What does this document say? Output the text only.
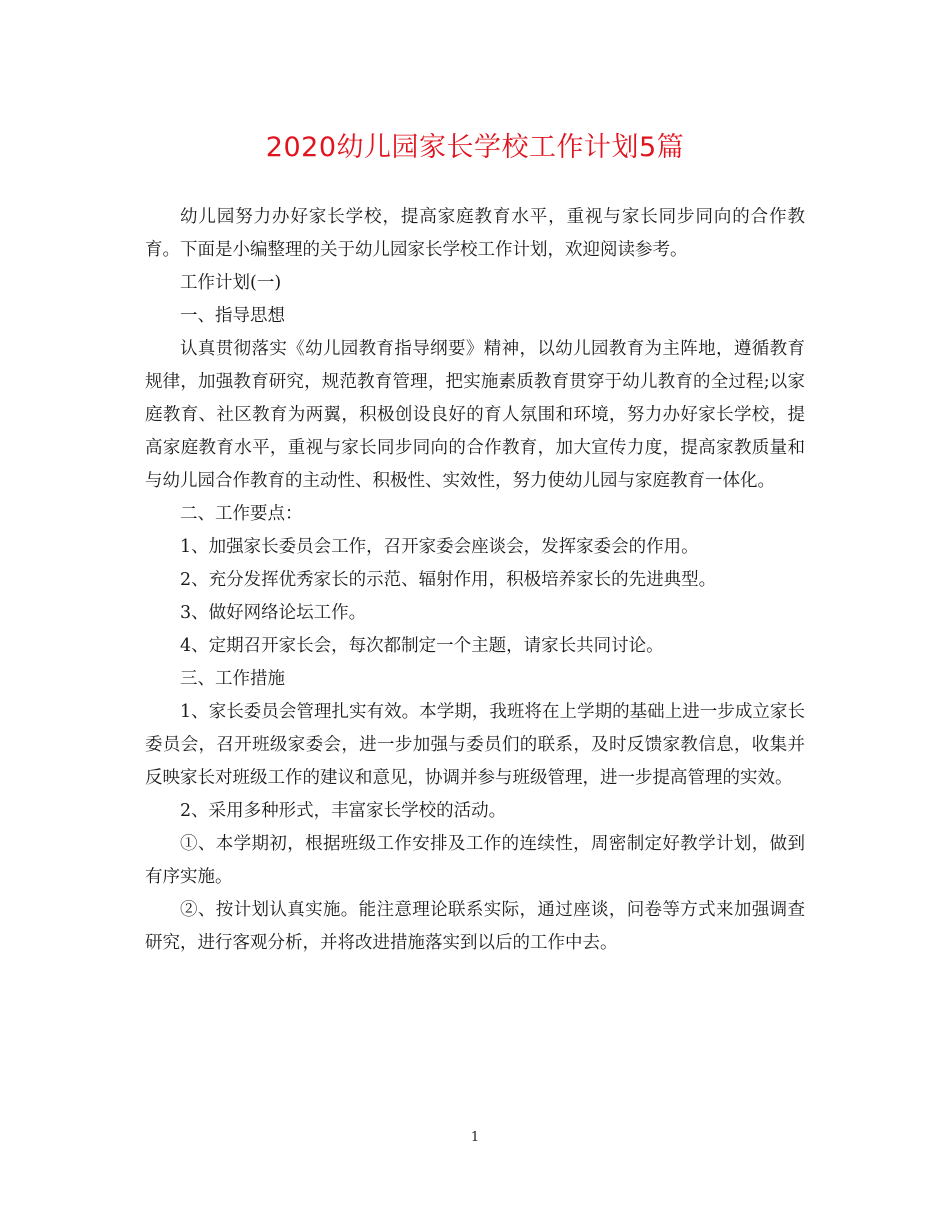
2020幼儿园家长学校工作计划5篇

幼儿园努力办好家长学校，提高家庭教育水平，重视与家长同步同向的合作教育。下面是小编整理的关于幼儿园家长学校工作计划，欢迎阅读参考。

工作计划(一)

一、指导思想

认真贯彻落实《幼儿园教育指导纲要》精神，以幼儿园教育为主阵地，遵循教育规律，加强教育研究，规范教育管理，把实施素质教育贯穿于幼儿教育的全过程;以家庭教育、社区教育为两翼，积极创设良好的育人氛围和环境，努力办好家长学校，提高家庭教育水平，重视与家长同步同向的合作教育，加大宣传力度，提高家教质量和与幼儿园合作教育的主动性、积极性、实效性，努力使幼儿园与家庭教育一体化。

二、工作要点：

1、加强家长委员会工作，召开家委会座谈会，发挥家委会的作用。

2、充分发挥优秀家长的示范、辐射作用，积极培养家长的先进典型。

3、做好网络论坛工作。

4、定期召开家长会，每次都制定一个主题，请家长共同讨论。

三、工作措施

1、家长委员会管理扎实有效。本学期，我班将在上学期的基础上进一步成立家长委员会，召开班级家委会，进一步加强与委员们的联系，及时反馈家教信息，收集并反映家长对班级工作的建议和意见，协调并参与班级管理，进一步提高管理的实效。

2、采用多种形式，丰富家长学校的活动。

①、本学期初，根据班级工作安排及工作的连续性，周密制定好教学计划，做到有序实施。

②、按计划认真实施。能注意理论联系实际，通过座谈，问卷等方式来加强调查研究，进行客观分析，并将改进措施落实到以后的工作中去。

1
